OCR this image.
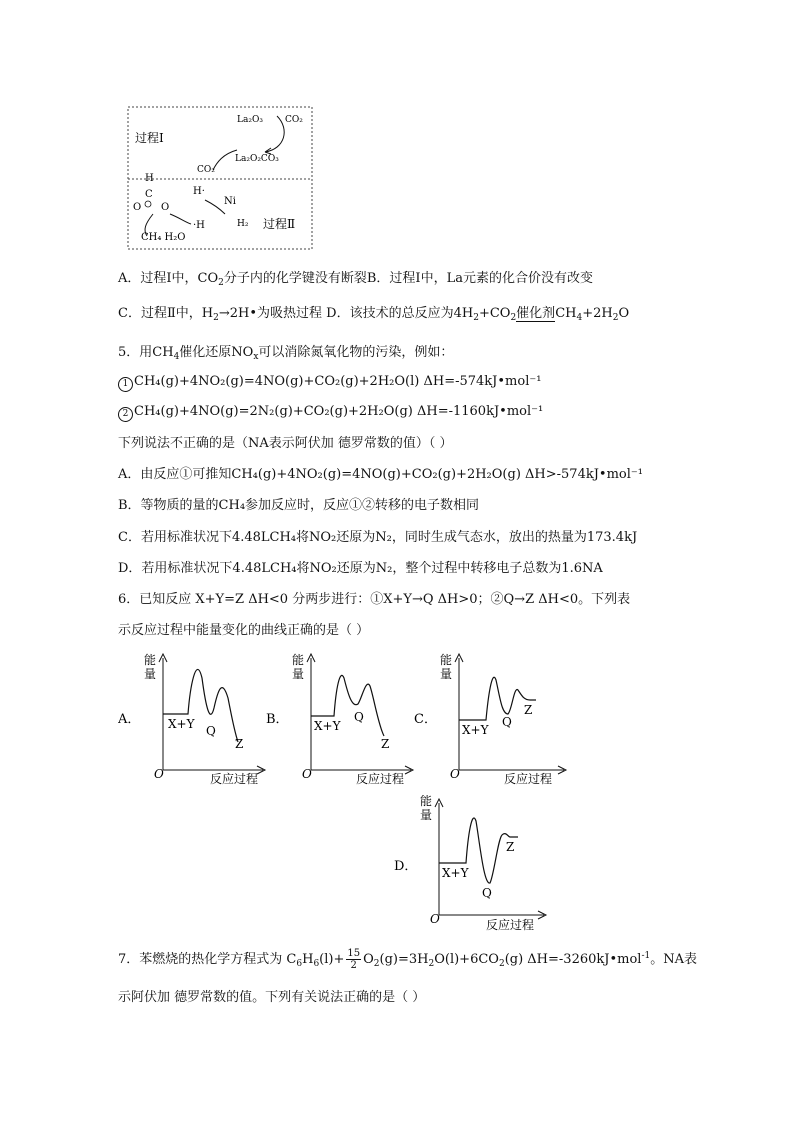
过程Ⅰ
过程Ⅱ
La₂O₃ CO₂
La₂O₂CO₃
CO₂
H
H·
C
O O
Ni
·H	H₂
CH₄ H₂O
A．过程Ⅰ中，$CO_2$分子内的化学键没有断裂B．过程Ⅰ中，La元素的化合价没有改变
C．过程Ⅱ中，$H_2\to 2H•$为吸热过程 D．该技术的总反应为$4H_2+CO_2$催化剂$CH_4+2H_2O$
5．用$CH_4$催化还原$NO_x$可以消除氮氧化物的污染，例如：
1 CH₄(g)+4NO₂(g)=4NO(g)+CO₂(g)+2H₂O(l) ΔH=-574kJ•mol⁻¹
2 CH₄(g)+4NO(g)=2N₂(g)+CO₂(g)+2H₂O(g) ΔH=-1160kJ•mol⁻¹
下列说法不正确的是（NA表示阿伏加 德罗常数的值）（ ）
A．由反应①可推知CH₄(g)+4NO₂(g)=4NO(g)+CO₂(g)+2H₂O(g) ΔH>-574kJ•mol⁻¹
B．等物质的量的CH₄参加反应时，反应①②转移的电子数相同
C．若用标准状况下4.48LCH₄将NO₂还原为N₂，同时生成气态水，放出的热量为173.4kJ
D．若用标准状况下4.48LCH₄将NO₂还原为N₂，整个过程中转移电子总数为1.6NA
6．已知反应 X+Y=Z ΔH<0 分两步进行：①X+Y→Q ΔH>0；②Q→Z ΔH<0。下列表
示反应过程中能量变化的曲线正确的是（ ）
A．
能
量
O
X+Y Q
Z
反应过程
B．
能
量
O
X+Y
Q
Z
反应过程
C．
能
量
O
X+Y
Q
Z
反应过程
D．
能
量
O
X+Y
Q
Z
反应过程
7．苯燃烧的热化学方程式为 $C_6H_6(l)+ \frac{15}{2} O_2(g)=3H_2O(l)+6CO_2(g)$ ΔH=-3260kJ•mol$^{-1}$。NA表
示阿伏加 德罗常数的值。下列有关说法正确的是（ ）
